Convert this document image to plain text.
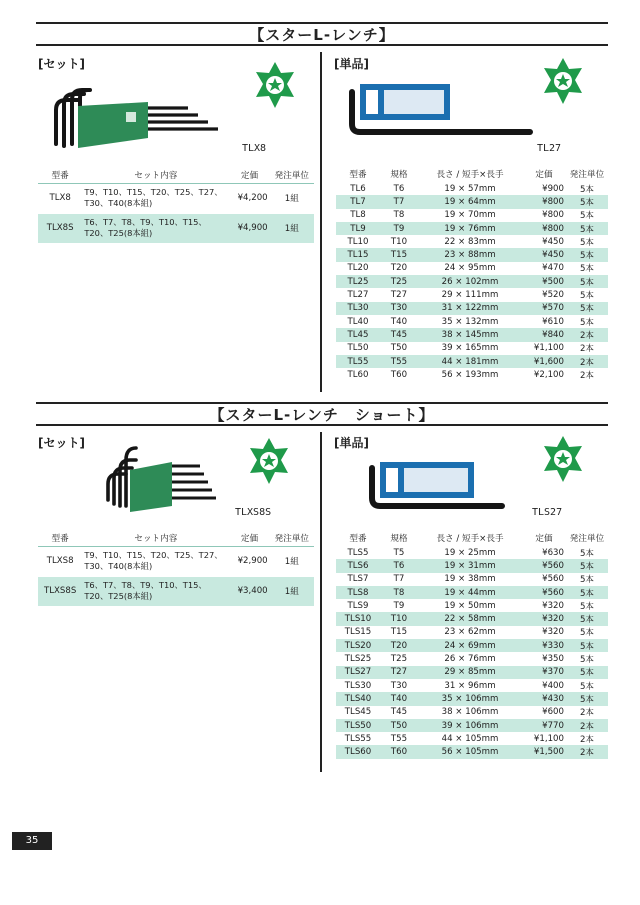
【スターL-レンチ】
[セット]
TLX8
型番	セット内容	定価	発注単位
TLX8	T9、T10、T15、T20、T25、T27、
T30、T40(8本組)	¥4,200	1組
TLX8S	T6、T7、T8、T9、T10、T15、
T20、T25(8本組)	¥4,900	1組
[単品]
TL27
型番	規格	長さ / 短手×長手	定価	発注単位
TL6	T6	19 × 57mm	¥900	5本
TL7	T7	19 × 64mm	¥800	5本
TL8	T8	19 × 70mm	¥800	5本
TL9	T9	19 × 76mm	¥800	5本
TL10	T10	22 × 83mm	¥450	5本
TL15	T15	23 × 88mm	¥450	5本
TL20	T20	24 × 95mm	¥470	5本
TL25	T25	26 × 102mm	¥500	5本
TL27	T27	29 × 111mm	¥520	5本
TL30	T30	31 × 122mm	¥570	5本
TL40	T40	35 × 132mm	¥610	5本
TL45	T45	38 × 145mm	¥840	2本
TL50	T50	39 × 165mm	¥1,100	2本
TL55	T55	44 × 181mm	¥1,600	2本
TL60	T60	56 × 193mm	¥2,100	2本
【スターL-レンチ　ショート】
[セット]
TLXS8S
型番	セット内容	定価	発注単位
TLXS8	T9、T10、T15、T20、T25、T27、
T30、T40(8本組)	¥2,900	1組
TLXS8S	T6、T7、T8、T9、T10、T15、
T20、T25(8本組)	¥3,400	1組
[単品]
TLS27
型番	規格	長さ / 短手×長手	定価	発注単位
TLS5	T5	19 × 25mm	¥630	5本
TLS6	T6	19 × 31mm	¥560	5本
TLS7	T7	19 × 38mm	¥560	5本
TLS8	T8	19 × 44mm	¥560	5本
TLS9	T9	19 × 50mm	¥320	5本
TLS10	T10	22 × 58mm	¥320	5本
TLS15	T15	23 × 62mm	¥320	5本
TLS20	T20	24 × 69mm	¥330	5本
TLS25	T25	26 × 76mm	¥350	5本
TLS27	T27	29 × 85mm	¥370	5本
TLS30	T30	31 × 96mm	¥400	5本
TLS40	T40	35 × 106mm	¥430	5本
TLS45	T45	38 × 106mm	¥600	2本
TLS50	T50	39 × 106mm	¥770	2本
TLS55	T55	44 × 105mm	¥1,100	2本
TLS60	T60	56 × 105mm	¥1,500	2本
35
